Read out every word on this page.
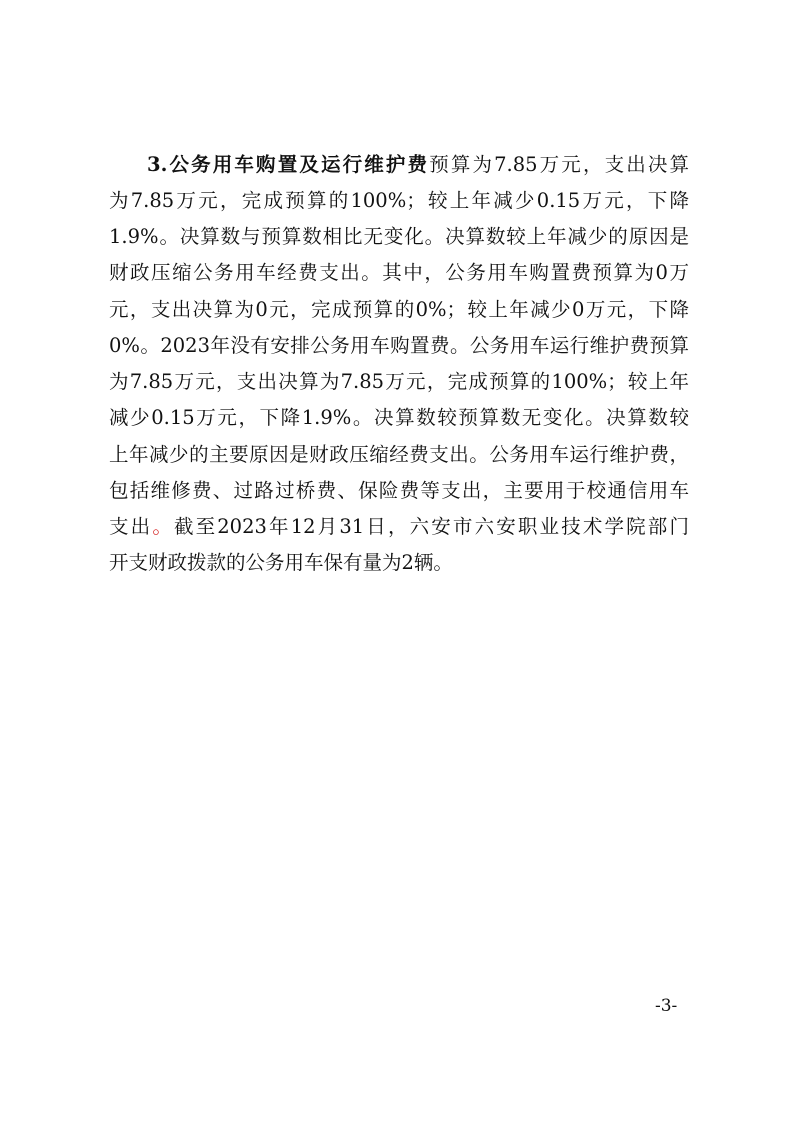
3.公务用车购置及运行维护费预算为7.85万元，支出决算
为7.85万元，完成预算的100%；较上年减少0.15万元，下降
1.9%。决算数与预算数相比无变化。决算数较上年减少的原因是
财政压缩公务用车经费支出。其中，公务用车购置费预算为0万
元，支出决算为0元，完成预算的0%；较上年减少0万元，下降
0%。2023年没有安排公务用车购置费。公务用车运行维护费预算
为7.85万元，支出决算为7.85万元，完成预算的100%；较上年
减少0.15万元，下降1.9%。决算数较预算数无变化。决算数较
上年减少的主要原因是财政压缩经费支出。公务用车运行维护费，
包括维修费、过路过桥费、保险费等支出，主要用于校通信用车
支出。截至2023年12月31日，六安市六安职业技术学院部门
开支财政拨款的公务用车保有量为2辆。
-3-
